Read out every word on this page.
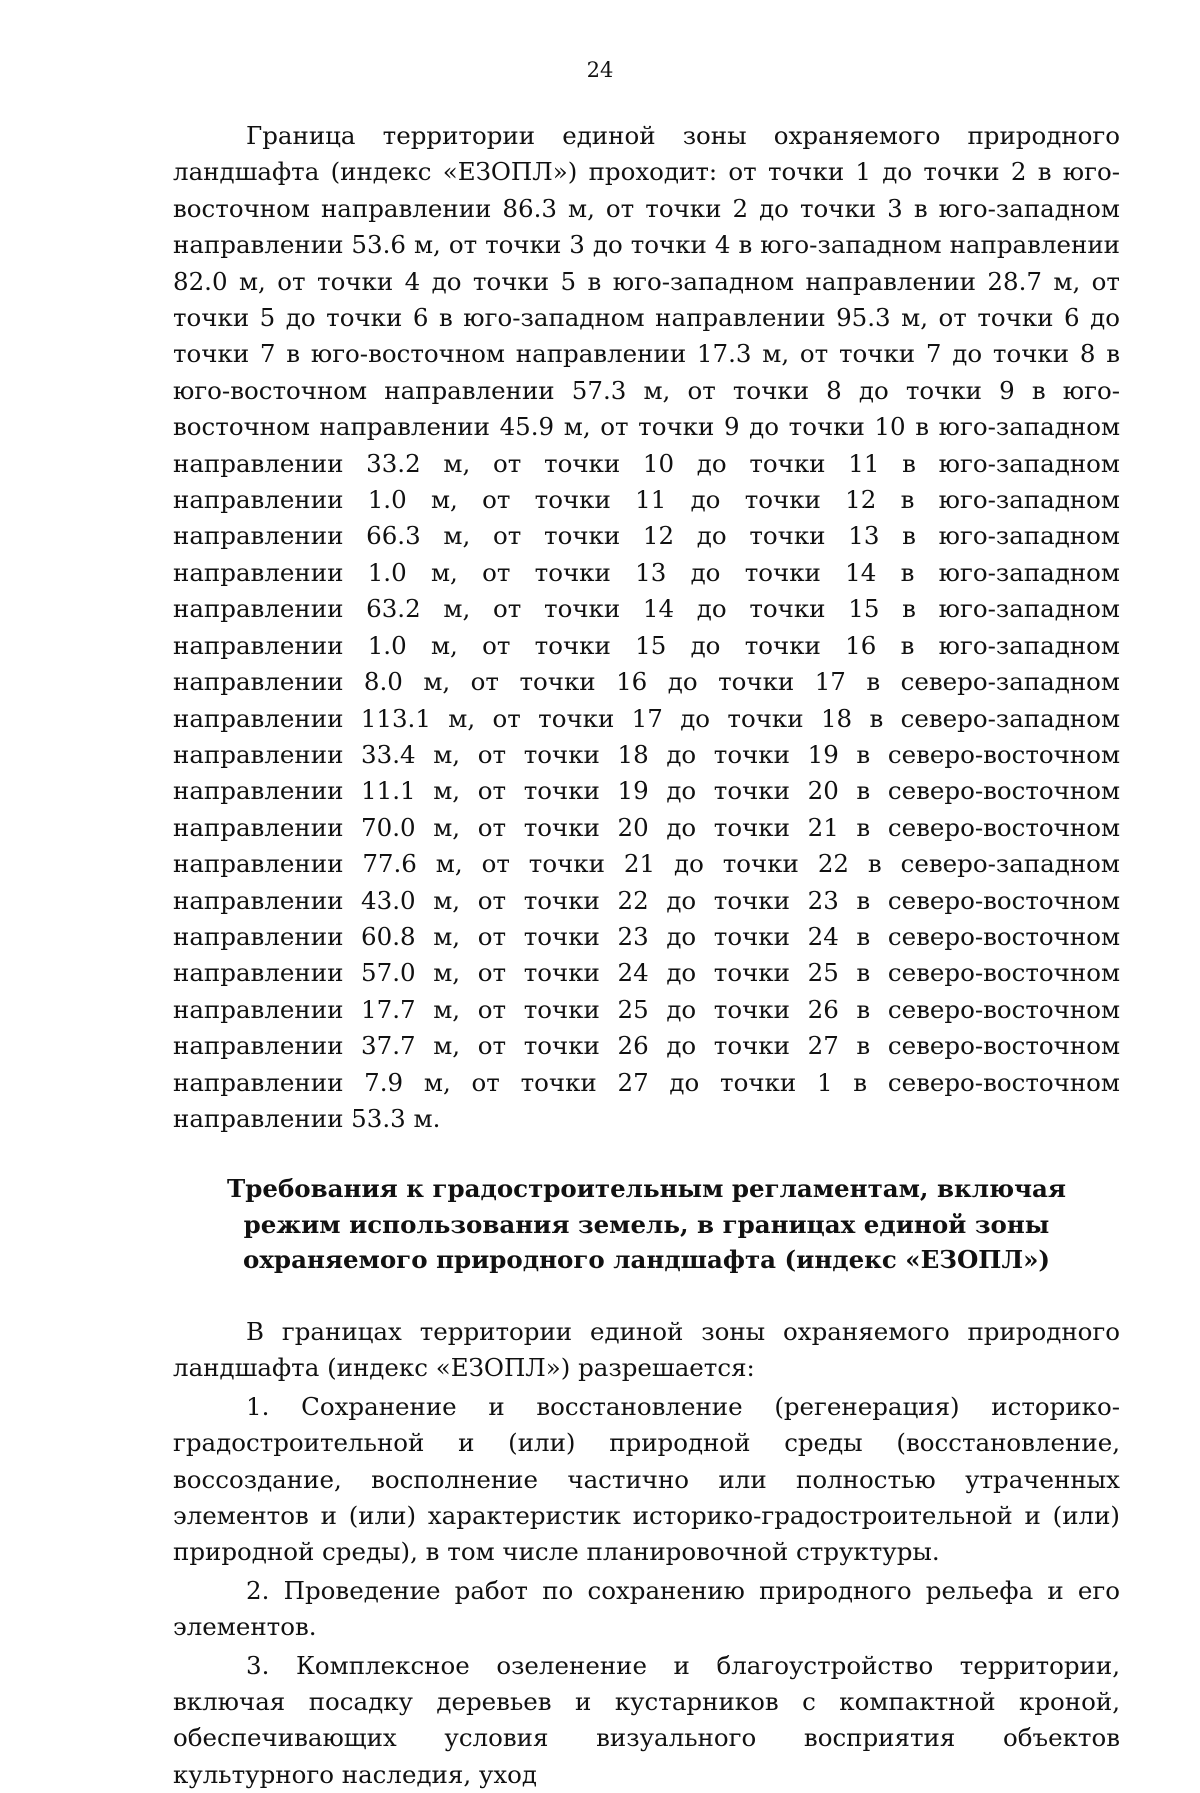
24

Граница территории единой зоны охраняемого природного ландшафта (индекс «ЕЗОПЛ») проходит: от точки 1 до точки 2 в юго-восточном направлении 86.3 м, от точки 2 до точки 3 в юго-западном направлении 53.6 м, от точки 3 до точки 4 в юго-западном направлении 82.0 м, от точки 4 до точки 5 в юго-западном направлении 28.7 м, от точки 5 до точки 6 в юго-западном направлении 95.3 м, от точки 6 до точки 7 в юго-восточном направлении 17.3 м, от точки 7 до точки 8 в юго-восточном направлении 57.3 м, от точки 8 до точки 9 в юго-восточном направлении 45.9 м, от точки 9 до точки 10 в юго-западном направлении 33.2 м, от точки 10 до точки 11 в юго-западном направлении 1.0 м, от точки 11 до точки 12 в юго-западном направлении 66.3 м, от точки 12 до точки 13 в юго-западном направлении 1.0 м, от точки 13 до точки 14 в юго-западном направлении 63.2 м, от точки 14 до точки 15 в юго-западном направлении 1.0 м, от точки 15 до точки 16 в юго-западном направлении 8.0 м, от точки 16 до точки 17 в северо-западном направлении 113.1 м, от точки 17 до точки 18 в северо-западном направлении 33.4 м, от точки 18 до точки 19 в северо-восточном направлении 11.1 м, от точки 19 до точки 20 в северо-восточном направлении 70.0 м, от точки 20 до точки 21 в северо-восточном направлении 77.6 м, от точки 21 до точки 22 в северо-западном направлении 43.0 м, от точки 22 до точки 23 в северо-восточном направлении 60.8 м, от точки 23 до точки 24 в северо-восточном направлении 57.0 м, от точки 24 до точки 25 в северо-восточном направлении 17.7 м, от точки 25 до точки 26 в северо-восточном направлении 37.7 м, от точки 26 до точки 27 в северо-восточном направлении 7.9 м, от точки 27 до точки 1 в северо-восточном направлении 53.3 м.

Требования к градостроительным регламентам, включая режим использования земель, в границах единой зоны охраняемого природного ландшафта (индекс «ЕЗОПЛ»)

В границах территории единой зоны охраняемого природного ландшафта (индекс «ЕЗОПЛ») разрешается:

1. Сохранение и восстановление (регенерация) историко-градостроительной и (или) природной среды (восстановление, воссоздание, восполнение частично или полностью утраченных элементов и (или) характеристик историко-градостроительной и (или) природной среды), в том числе планировочной структуры.

2. Проведение работ по сохранению природного рельефа и его элементов.

3. Комплексное озеленение и благоустройство территории, включая посадку деревьев и кустарников с компактной кроной, обеспечивающих условия визуального восприятия объектов культурного наследия, уход
